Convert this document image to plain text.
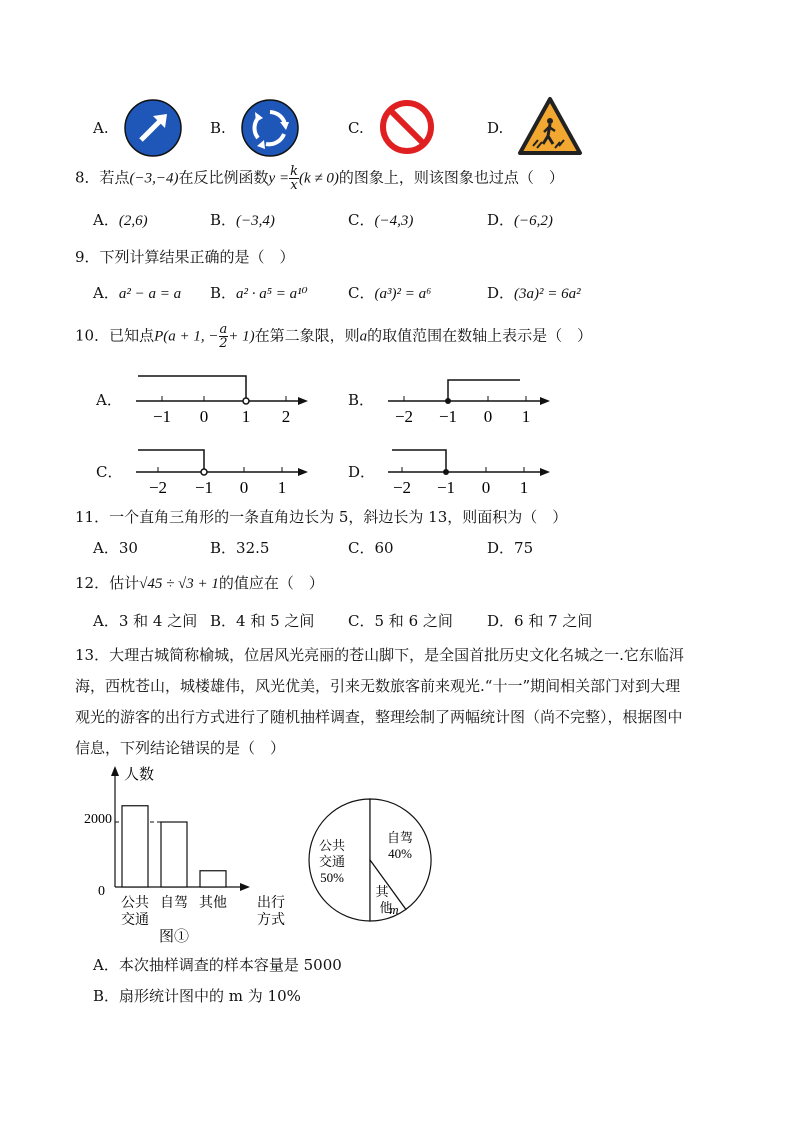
A.	B.	C.	D.
8．若点(−3,−4)在反比例函数$y = \frac{k}{x} (k \ne 0)$的图象上，则该图象也过点（　）
A．(2,6)	B．(−3,4)	C．(−4,3)	D．(−6,2)
9．下列计算结果正确的是（　）
A．a² − a = a B．a² · a⁵ = a¹⁰	C．(a³)² = a⁶	D．(3a)² = 6a²
10．已知点P(a + 1, − $\frac{a}{2} + 1$)在第二象限，则a的取值范围在数轴上表示是（　）
A．
−1 0 1 2
B．
−2 −1 0 1
C．
−2 −1 0 1
D．
−2 −1 0 1
11．一个直角三角形的一条直角边长为 5，斜边长为 13，则面积为（　）
A．30	B．32.5	C．60	D．75
12．估计√45 ÷ √3 + 1的值应在（　）
A．3 和 4 之间 B．4 和 5 之间 C．5 和 6 之间 D．6 和 7 之间
13．大理古城简称榆城，位居风光亮丽的苍山脚下，是全国首批历史文化名城之一.它东临洱
海，西枕苍山，城楼雄伟，风光优美，引来无数旅客前来观光.“十一”期间相关部门对到大理
观光的游客的出行方式进行了随机抽样调查，整理绘制了两幅统计图（尚不完整），根据图中
信息，下列结论错误的是（　）
人数
0
2000
交通
公共 自驾 其他 出行
方式
图①
公共
交通
50%
自驾
40%
其
他
m
A．本次抽样调查的样本容量是 5000
B．扇形统计图中的 m 为 10%
